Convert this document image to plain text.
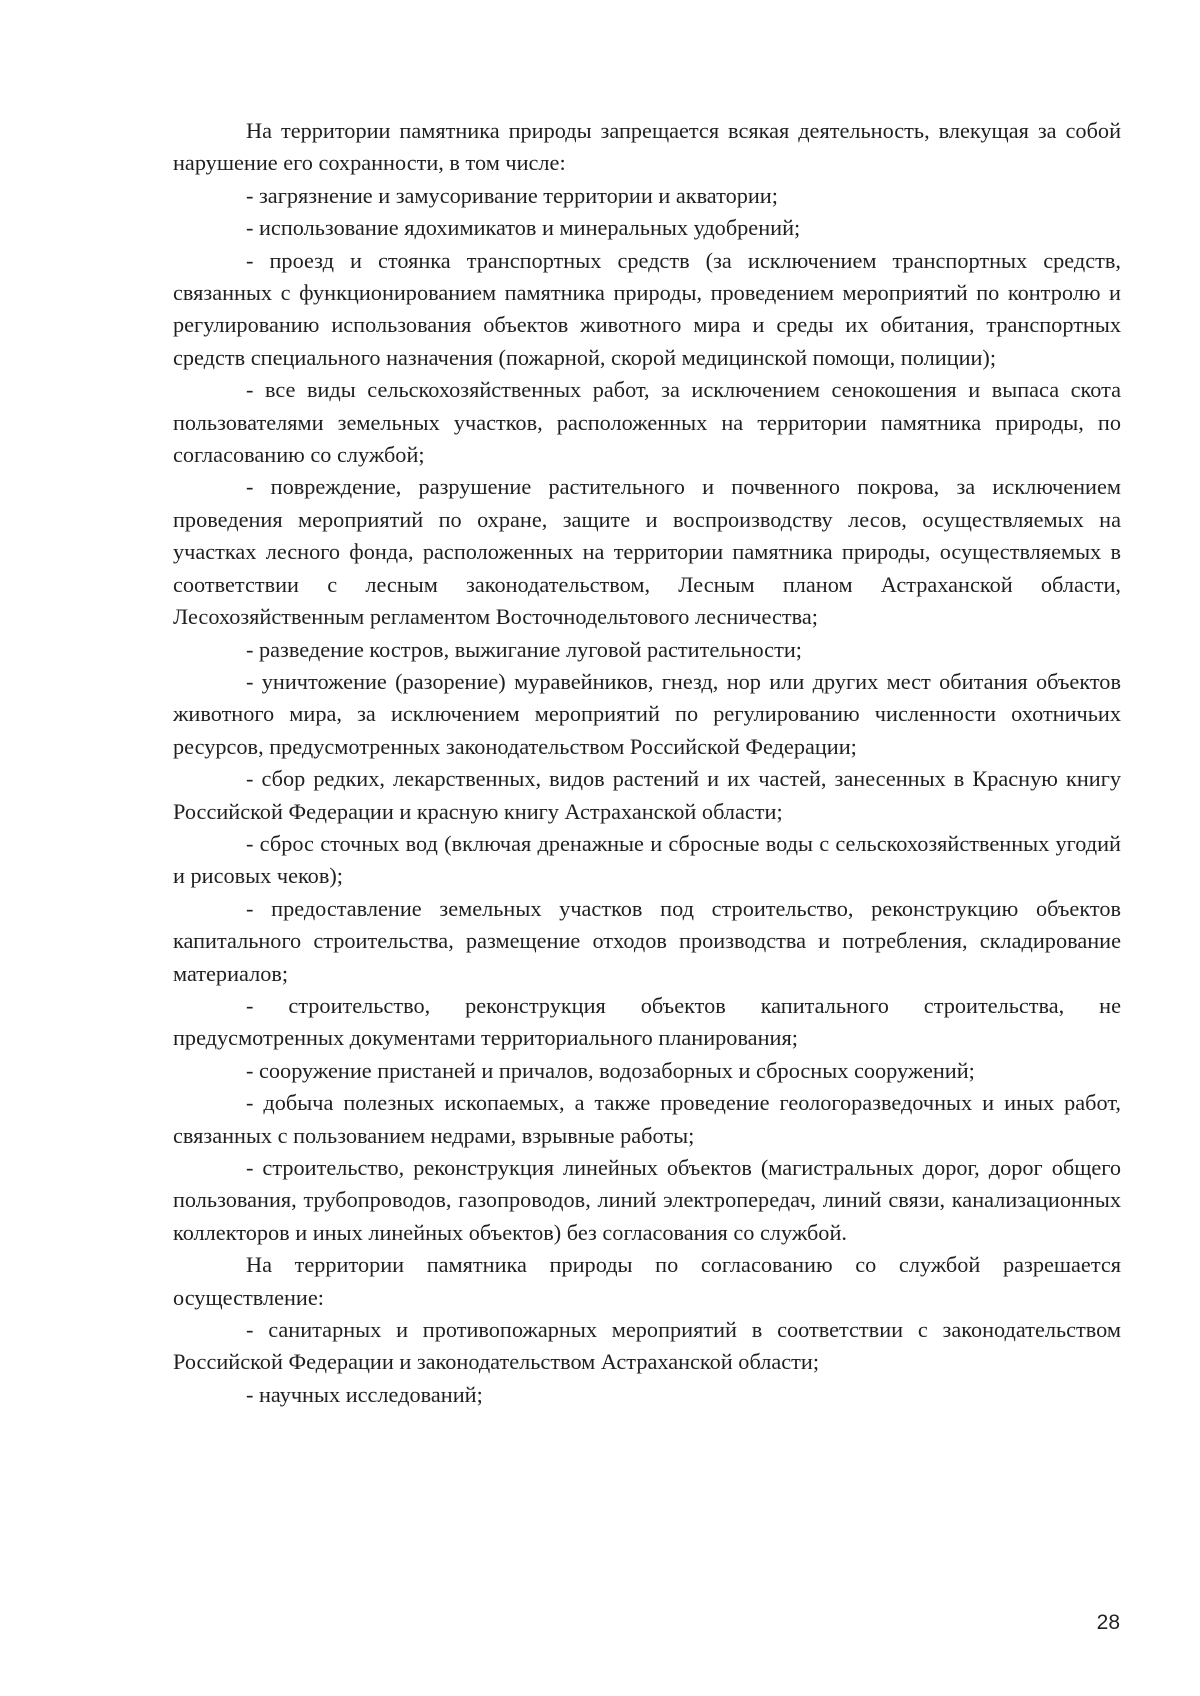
На территории памятника природы запрещается всякая деятельность, влекущая за собой нарушение его сохранности, в том числе:

- загрязнение и замусоривание территории и акватории;

- использование ядохимикатов и минеральных удобрений;

- проезд и стоянка транспортных средств (за исключением транспортных средств, связанных с функционированием памятника природы, проведением мероприятий по контролю и регулированию использования объектов животного мира и среды их обитания, транспортных средств специального назначения (пожарной, скорой медицинской помощи, полиции);

- все виды сельскохозяйственных работ, за исключением сенокошения и выпаса скота пользователями земельных участков, расположенных на территории памятника природы, по согласованию со службой;

- повреждение, разрушение растительного и почвенного покрова, за исключением проведения мероприятий по охране, защите и воспроизводству лесов, осуществляемых на участках лесного фонда, расположенных на территории памятника природы, осуществляемых в соответствии с лесным законодательством, Лесным планом Астраханской области, Лесохозяйственным регламентом Восточнодельтового лесничества;

- разведение костров, выжигание луговой растительности;

- уничтожение (разорение) муравейников, гнезд, нор или других мест обитания объектов животного мира, за исключением мероприятий по регулированию численности охотничьих ресурсов, предусмотренных законодательством Российской Федерации;

- сбор редких, лекарственных, видов растений и их частей, занесенных в Красную книгу Российской Федерации и красную книгу Астраханской области;

- сброс сточных вод (включая дренажные и сбросные воды с сельскохозяйственных угодий и рисовых чеков);

- предоставление земельных участков под строительство, реконструкцию объектов капитального строительства, размещение отходов производства и потребления, складирование материалов;

- строительство, реконструкция объектов капитального строительства, не предусмотренных документами территориального планирования;

- сооружение пристаней и причалов, водозаборных и сбросных сооружений;

- добыча полезных ископаемых, а также проведение геологоразведочных и иных работ, связанных с пользованием недрами, взрывные работы;

- строительство, реконструкция линейных объектов (магистральных дорог, дорог общего пользования, трубопроводов, газопроводов, линий электропередач, линий связи, канализационных коллекторов и иных линейных объектов) без согласования со службой.

На территории памятника природы по согласованию со службой разрешается осуществление:

- санитарных и противопожарных мероприятий в соответствии с законодательством Российской Федерации и законодательством Астраханской области;

- научных исследований;

28
